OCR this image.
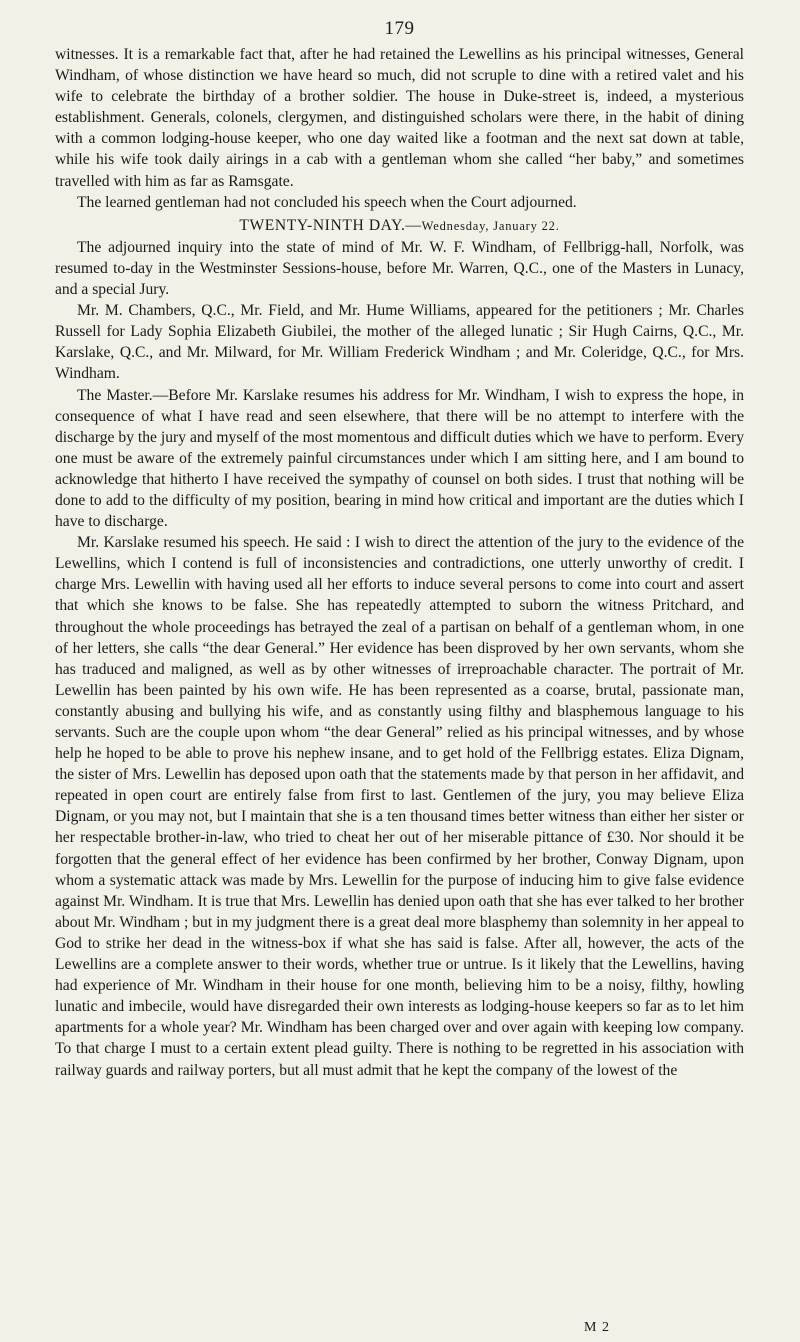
179

witnesses. It is a remarkable fact that, after he had retained the Lewellins as his principal witnesses, General Windham, of whose distinction we have heard so much, did not scruple to dine with a retired valet and his wife to celebrate the birthday of a brother soldier. The house in Duke-street is, indeed, a mysterious establishment. Generals, colonels, clergymen, and distinguished scholars were there, in the habit of dining with a common lodging-house keeper, who one day waited like a footman and the next sat down at table, while his wife took daily airings in a cab with a gentleman whom she called “her baby,” and sometimes travelled with him as far as Ramsgate.

The learned gentleman had not concluded his speech when the Court adjourned.

TWENTY-NINTH DAY.—Wednesday, January 22.

The adjourned inquiry into the state of mind of Mr. W. F. Windham, of Fellbrigg-hall, Norfolk, was resumed to-day in the Westminster Sessions-house, before Mr. Warren, Q.C., one of the Masters in Lunacy, and a special Jury.

Mr. M. Chambers, Q.C., Mr. Field, and Mr. Hume Williams, appeared for the petitioners ; Mr. Charles Russell for Lady Sophia Elizabeth Giubilei, the mother of the alleged lunatic ; Sir Hugh Cairns, Q.C., Mr. Karslake, Q.C., and Mr. Milward, for Mr. William Frederick Windham ; and Mr. Coleridge, Q.C., for Mrs. Windham.

The Master.—Before Mr. Karslake resumes his address for Mr. Windham, I wish to express the hope, in consequence of what I have read and seen elsewhere, that there will be no attempt to interfere with the discharge by the jury and myself of the most momentous and difficult duties which we have to perform. Every one must be aware of the extremely painful circumstances under which I am sitting here, and I am bound to acknowledge that hitherto I have received the sympathy of counsel on both sides. I trust that nothing will be done to add to the difficulty of my position, bearing in mind how critical and important are the duties which I have to discharge.

Mr. Karslake resumed his speech. He said : I wish to direct the attention of the jury to the evidence of the Lewellins, which I contend is full of inconsistencies and contradictions, one utterly unworthy of credit. I charge Mrs. Lewellin with having used all her efforts to induce several persons to come into court and assert that which she knows to be false. She has repeatedly attempted to suborn the witness Pritchard, and throughout the whole proceedings has betrayed the zeal of a partisan on behalf of a gentleman whom, in one of her letters, she calls “the dear General.” Her evidence has been disproved by her own servants, whom she has traduced and maligned, as well as by other witnesses of irreproachable character. The portrait of Mr. Lewellin has been painted by his own wife. He has been represented as a coarse, brutal, passionate man, constantly abusing and bullying his wife, and as constantly using filthy and blasphemous language to his servants. Such are the couple upon whom “the dear General” relied as his principal witnesses, and by whose help he hoped to be able to prove his nephew insane, and to get hold of the Fellbrigg estates. Eliza Dignam, the sister of Mrs. Lewellin has deposed upon oath that the statements made by that person in her affidavit, and repeated in open court are entirely false from first to last. Gentlemen of the jury, you may believe Eliza Dignam, or you may not, but I maintain that she is a ten thousand times better witness than either her sister or her respectable brother-in-law, who tried to cheat her out of her miserable pittance of £30. Nor should it be forgotten that the general effect of her evidence has been confirmed by her brother, Conway Dignam, upon whom a systematic attack was made by Mrs. Lewellin for the purpose of inducing him to give false evidence against Mr. Windham. It is true that Mrs. Lewellin has denied upon oath that she has ever talked to her brother about Mr. Windham ; but in my judgment there is a great deal more blasphemy than solemnity in her appeal to God to strike her dead in the witness-box if what she has said is false. After all, however, the acts of the Lewellins are a complete answer to their words, whether true or untrue. Is it likely that the Lewellins, having had experience of Mr. Windham in their house for one month, believing him to be a noisy, filthy, howling lunatic and imbecile, would have disregarded their own interests as lodging-house keepers so far as to let him apartments for a whole year? Mr. Windham has been charged over and over again with keeping low company. To that charge I must to a certain extent plead guilty. There is nothing to be regretted in his association with railway guards and railway porters, but all must admit that he kept the company of the lowest of the

M 2
